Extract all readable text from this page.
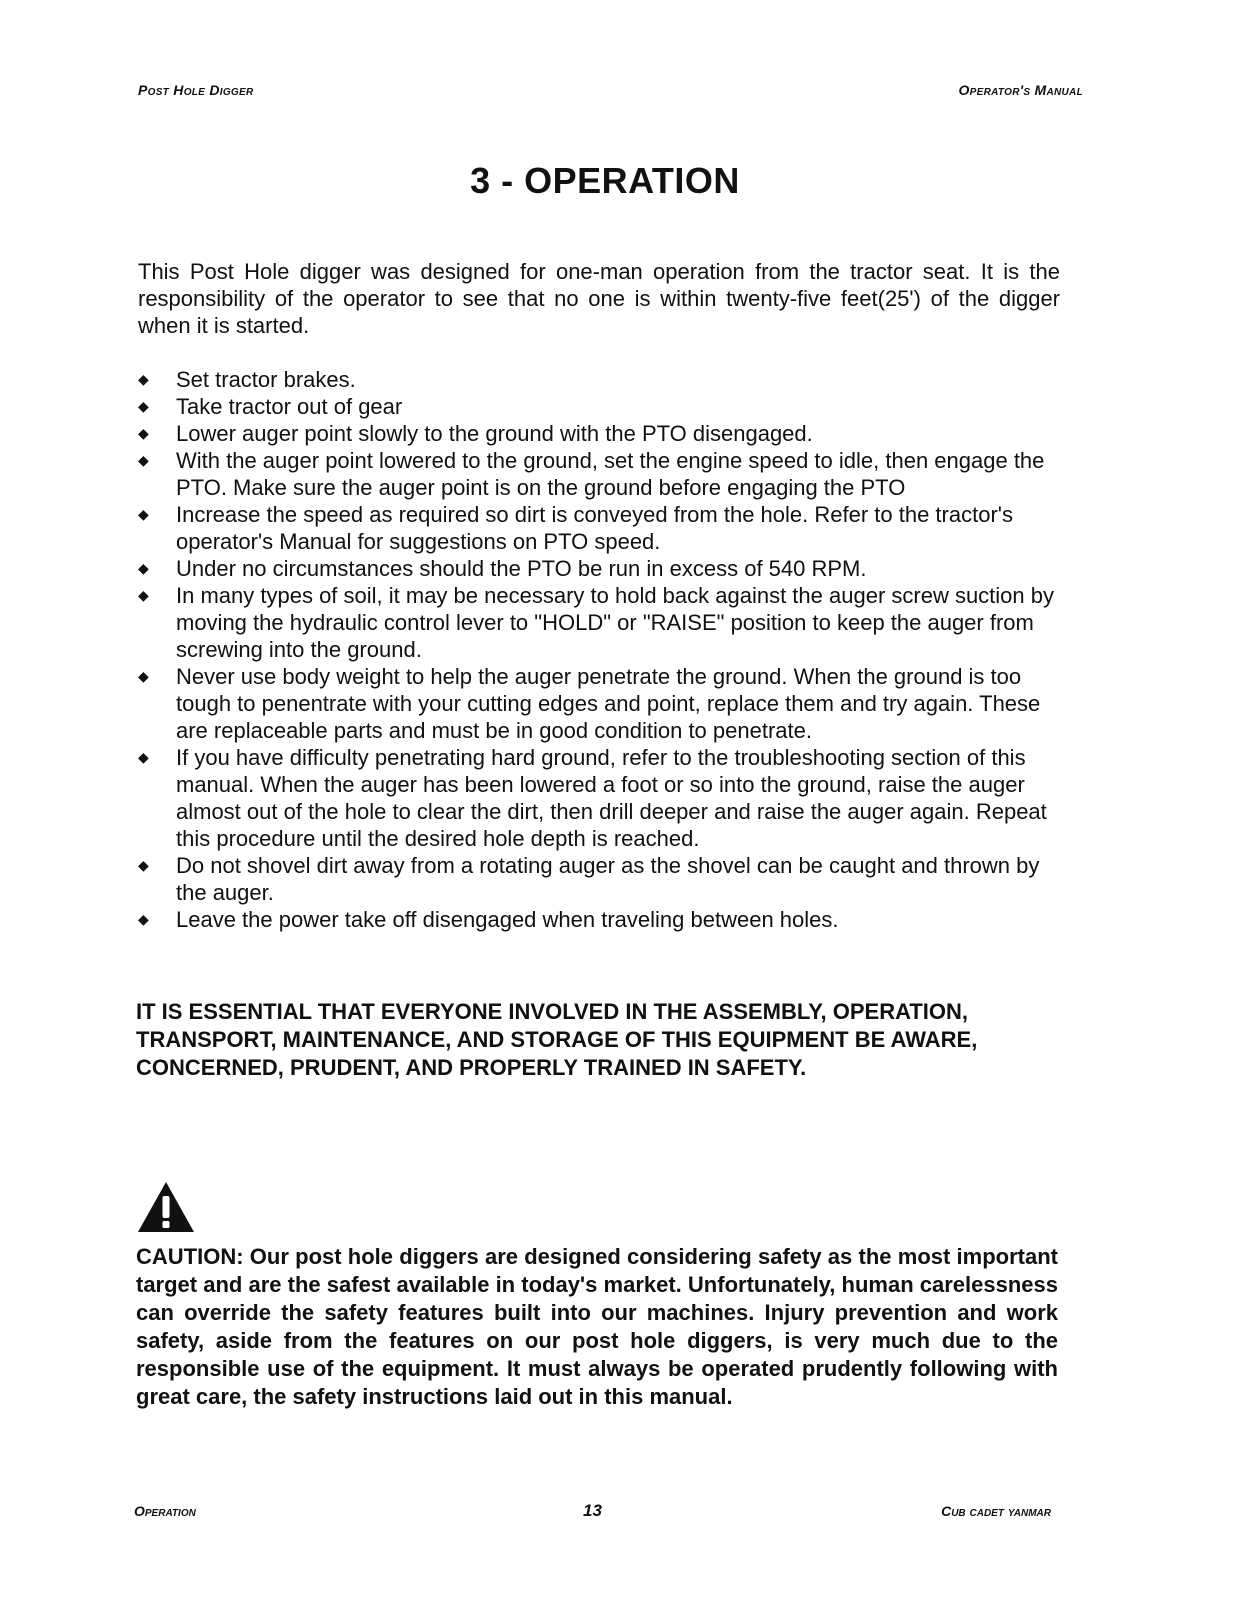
Post Hole Digger	Operator's Manual
3 - OPERATION

This Post Hole digger was designed for one-man operation from the tractor seat. It is the responsibility of the operator to see that no one is within twenty-five feet(25') of the digger when it is started.

◆ Set tractor brakes.
◆ Take tractor out of gear
◆ Lower auger point slowly to the ground with the PTO disengaged.
◆ With the auger point lowered to the ground, set the engine speed to idle, then engage the PTO. Make sure the auger point is on the ground before engaging the PTO
◆ Increase the speed as required so dirt is conveyed from the hole. Refer to the tractor's operator's Manual for suggestions on PTO speed.
◆ Under no circumstances should the PTO be run in excess of 540 RPM.
◆ In many types of soil, it may be necessary to hold back against the auger screw suction by moving the hydraulic control lever to "HOLD" or "RAISE" position to keep the auger from screwing into the ground.
◆ Never use body weight to help the auger penetrate the ground. When the ground is too tough to penentrate with your cutting edges and point, replace them and try again. These are replaceable parts and must be in good condition to penetrate.
◆ If you have difficulty penetrating hard ground, refer to the troubleshooting section of this manual. When the auger has been lowered a foot or so into the ground, raise the auger almost out of the hole to clear the dirt, then drill deeper and raise the auger again. Repeat this procedure until the desired hole depth is reached.
◆ Do not shovel dirt away from a rotating auger as the shovel can be caught and thrown by the auger.
◆ Leave the power take off disengaged when traveling between holes.

IT IS ESSENTIAL THAT EVERYONE INVOLVED IN THE ASSEMBLY, OPERATION, TRANSPORT, MAINTENANCE, AND STORAGE OF THIS EQUIPMENT BE AWARE, CONCERNED, PRUDENT, AND PROPERLY TRAINED IN SAFETY.

CAUTION: Our post hole diggers are designed considering safety as the most important target and are the safest available in today's market. Unfortunately, human carelessness can override the safety features built into our machines. Injury prevention and work safety, aside from the features on our post hole diggers, is very much due to the responsible use of the equipment. It must always be operated prudently following with great care, the safety instructions laid out in this manual.

Operation	13	Cub cadet yanmar
